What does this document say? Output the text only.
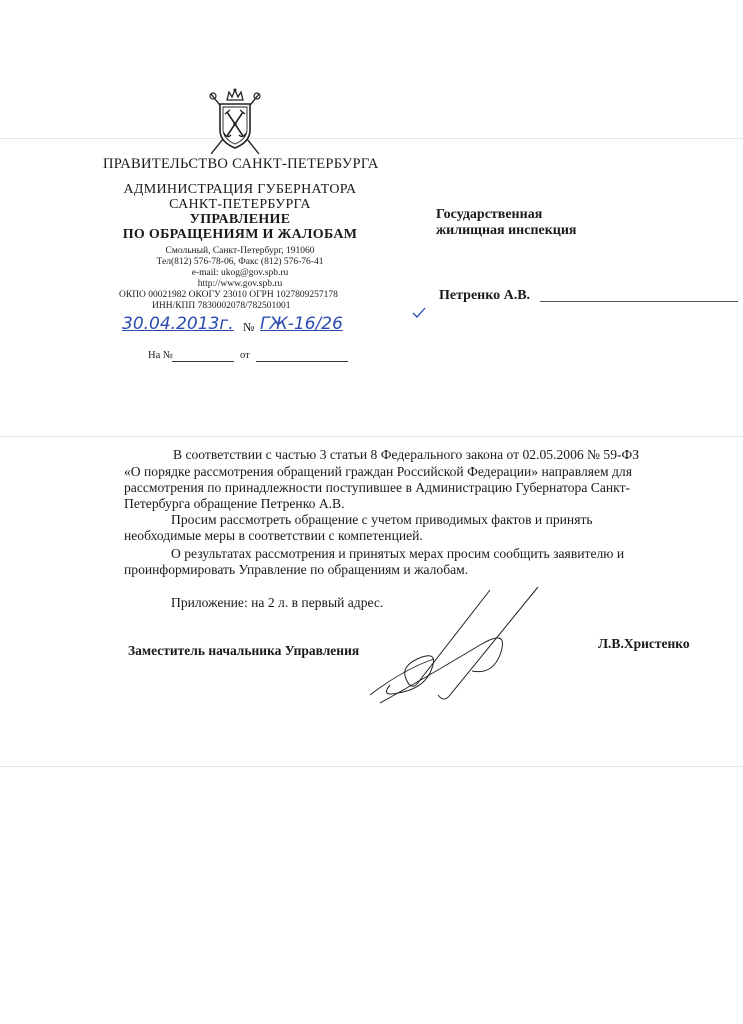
ПРАВИТЕЛЬСТВО САНКТ-ПЕТЕРБУРГА
АДМИНИСТРАЦИЯ ГУБЕРНАТОРА
САНКТ-ПЕТЕРБУРГА
УПРАВЛЕНИЕ
ПО ОБРАЩЕНИЯМ И ЖАЛОБАМ
Смольный, Санкт-Петербург, 191060
Тел(812) 576-78-06, Факс (812) 576-76-41
e-mail: ukog@gov.spb.ru
http://www.gov.spb.ru
ОКПО 00021982 ОКОГУ 23010 ОГРН 1027809257178
ИНН/КПП 7830002078/782501001
30.04.2013г. № ГЖ-16/26
На №	от
Государственная
жилищная инспекция
Петренко А.В.
В соответствии с частью 3 статьи 8 Федерального закона от 02.05.2006 № 59-ФЗ
«О порядке рассмотрения обращений граждан Российской Федерации» направляем для
рассмотрения по принадлежности поступившее в Администрацию Губернатора Санкт-
Петербурга обращение Петренко А.В.
Просим рассмотреть обращение с учетом приводимых фактов и принять
необходимые меры в соответствии с компетенцией.
О результатах рассмотрения и принятых мерах просим сообщить заявителю и
проинформировать Управление по обращениям и жалобам.
Приложение: на 2 л. в первый адрес.
Заместитель начальника Управления	Л.В.Христенко
